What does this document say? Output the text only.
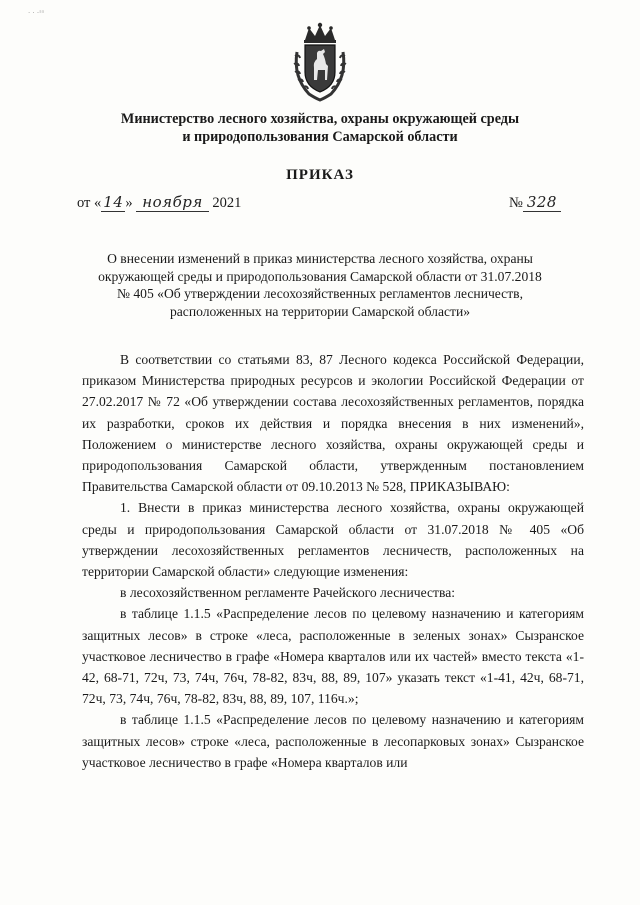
· · ·ˢˢ
Министерство лесного хозяйства, охраны окружающей среды
и природопользования Самарской области
ПРИКАЗ
от « 14 » ноября 2021	№ 328
О внесении изменений в приказ министерства лесного хозяйства, охраны
окружающей среды и природопользования Самарской области от 31.07.2018
№ 405 «Об утверждении лесохозяйственных регламентов лесничеств,
расположенных на территории Самарской области»

В соответствии со статьями 83, 87 Лесного кодекса Российской Федерации, приказом Министерства природных ресурсов и экологии Российской Федерации от 27.02.2017 № 72 «Об утверждении состава лесохозяйственных регламентов, порядка их разработки, сроков их действия и порядка внесения в них изменений», Положением о министерстве лесного хозяйства, охраны окружающей среды и природопользования Самарской области, утвержденным постановлением Правительства Самарской области от 09.10.2013 № 528, ПРИКАЗЫВАЮ:

1. Внести в приказ министерства лесного хозяйства, охраны окружающей среды и природопользования Самарской области от 31.07.2018 № 405 «Об утверждении лесохозяйственных регламентов лесничеств, расположенных на территории Самарской области» следующие изменения:

в лесохозяйственном регламенте Рачейского лесничества:

в таблице 1.1.5 «Распределение лесов по целевому назначению и категориям защитных лесов» в строке «леса, расположенные в зеленых зонах» Сызранское участковое лесничество в графе «Номера кварталов или их частей» вместо текста «1-42, 68-71, 72ч, 73, 74ч, 76ч, 78-82, 83ч, 88, 89, 107» указать текст «1-41, 42ч, 68-71, 72ч, 73, 74ч, 76ч, 78-82, 83ч, 88, 89, 107, 116ч.»;

в таблице 1.1.5 «Распределение лесов по целевому назначению и категориям защитных лесов» строке «леса, расположенные в лесопарковых зонах» Сызранское участковое лесничество в графе «Номера кварталов или
